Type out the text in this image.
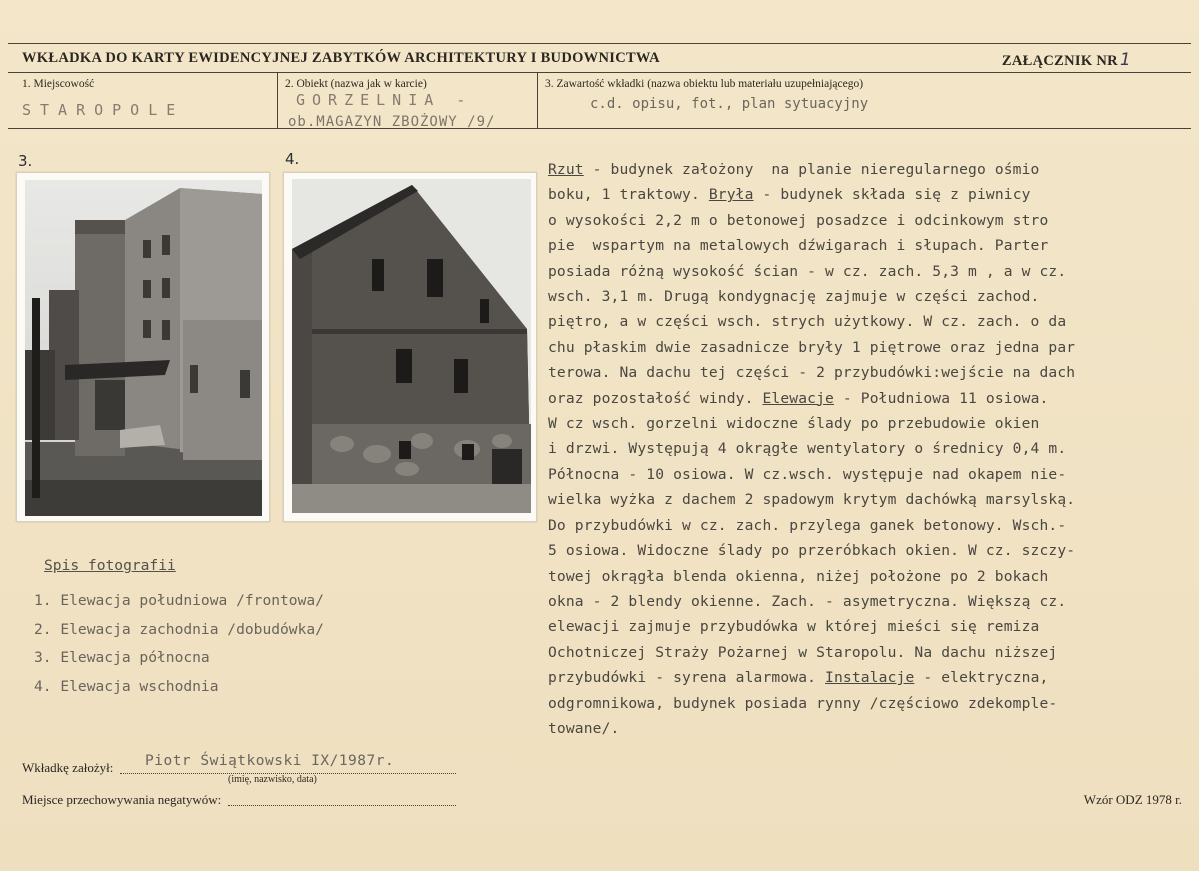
WKŁADKA DO KARTY EWIDENCYJNEJ ZABYTKÓW ARCHITEKTURY I BUDOWNICTWA	ZAŁĄCZNIK NR 1
1. Miejscowość
STAROPOLE
2. Obiekt (nazwa jak w karcie)
GORZELNIA -
ob.MAGAZYN ZBOŻOWY /9/
3. Zawartość wkładki (nazwa obiektu lub materiału uzupełniającego)
c.d. opisu, fot., plan sytuacyjny
3.	4.
Rzut - budynek założony  na planie nieregularnego ośmio
boku, 1 traktowy. Bryła - budynek składa się z piwnicy
o wysokości 2,2 m o betonowej posadzce i odcinkowym stro
pie  wspartym na metalowych dźwigarach i słupach. Parter
posiada różną wysokość ścian - w cz. zach. 5,3 m , a w cz.
wsch. 3,1 m. Drugą kondygnację zajmuje w części zachod.
piętro, a w części wsch. strych użytkowy. W cz. zach. o da
chu płaskim dwie zasadnicze bryły 1 piętrowe oraz jedna par
terowa. Na dachu tej części - 2 przybudówki:wejście na dach
oraz pozostałość windy. Elewacje - Południowa 11 osiowa.
W cz wsch. gorzelni widoczne ślady po przebudowie okien
i drzwi. Występują 4 okrągłe wentylatory o średnicy 0,4 m.
Północna - 10 osiowa. W cz.wsch. występuje nad okapem nie-
wielka wyżka z dachem 2 spadowym krytym dachówką marsylską.
Do przybudówki w cz. zach. przylega ganek betonowy. Wsch.-
5 osiowa. Widoczne ślady po przeróbkach okien. W cz. szczy-
towej okrągła blenda okienna, niżej położone po 2 bokach
okna - 2 blendy okienne. Zach. - asymetryczna. Większą cz.
elewacji zajmuje przybudówka w której mieści się remiza
Ochotniczej Straży Pożarnej w Staropolu. Na dachu niższej
przybudówki - syrena alarmowa. Instalacje - elektryczna,
odgromnikowa, budynek posiada rynny /częściowo zdekomple-
towane/.
Spis fotografii
1. Elewacja południowa /frontowa/
2. Elewacja zachodnia /dobudówka/
3. Elewacja północna
4. Elewacja wschodnia
Wkładkę założył: Piotr Świątkowski IX/1987r.
(imię, nazwisko, data)
Miejsce przechowywania negatywów:	Wzór ODZ 1978 r.
